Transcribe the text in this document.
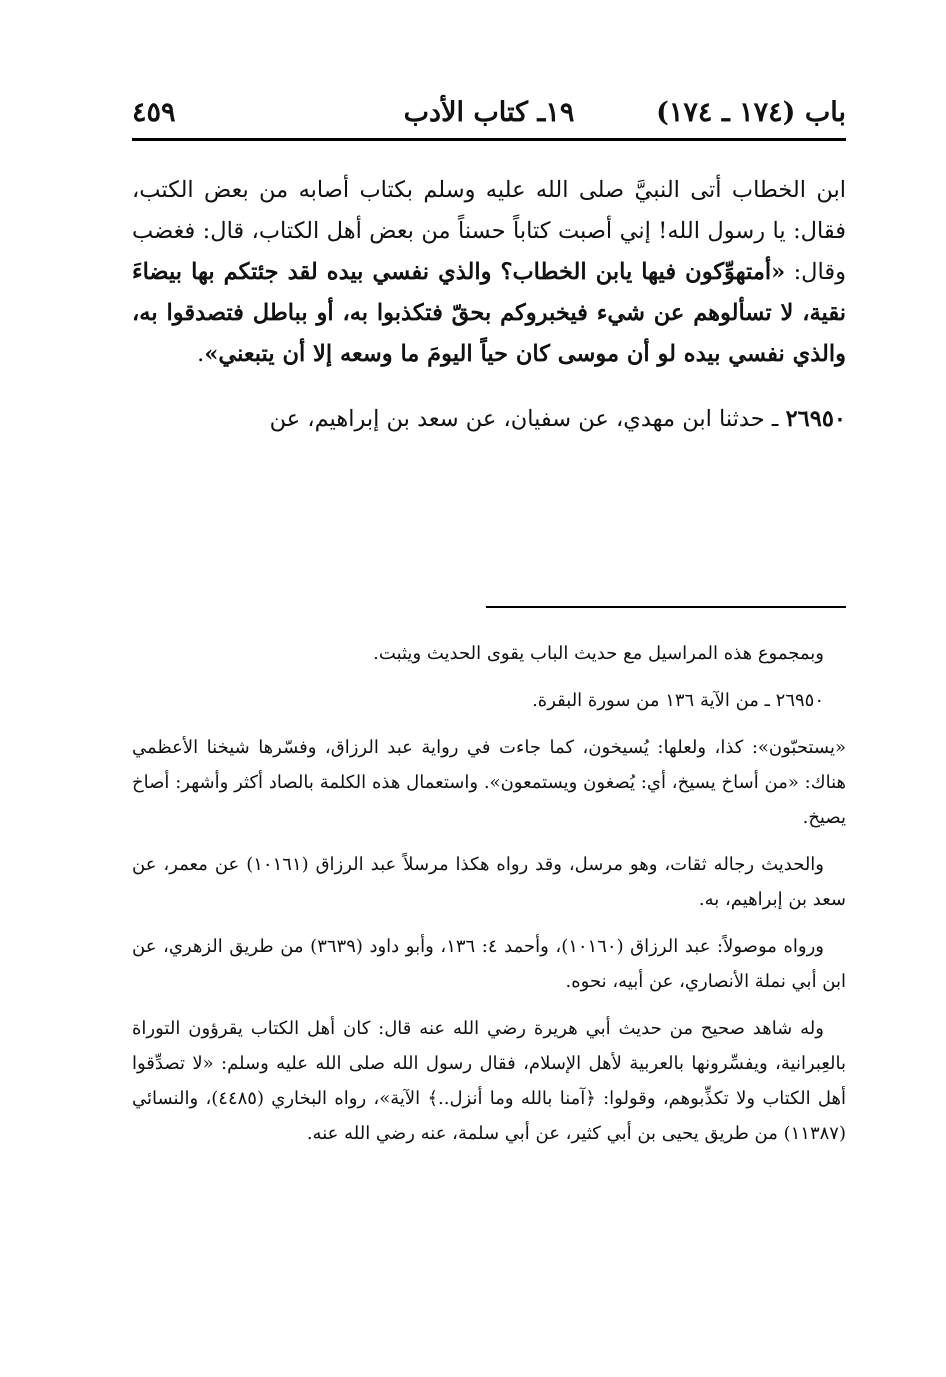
باب (١٧٤ ـ ١٧٤)
١٩ـ كتاب الأدب
٤٥٩

ابن الخطاب أتى النبيَّ صلى الله عليه وسلم بكتاب أصابه من بعض الكتب، فقال: يا رسول الله! إني أصبت كتاباً حسناً من بعض أهل الكتاب، قال: فغضب وقال: «أمتهوِّكون فيها يابن الخطاب؟ والذي نفسي بيده لقد جئتكم بها بيضاءَ نقية، لا تسألوهم عن شيء فيخبروكم بحقّ فتكذبوا به، أو بباطل فتصدقوا به، والذي نفسي بيده لو أن موسى كان حياً اليومَ ما وسعه إلا أن يتبعني».

٢٦٩٥٠ ـ حدثنا ابن مهدي، عن سفيان، عن سعد بن إبراهيم، عن

وبمجموع هذه المراسيل مع حديث الباب يقوى الحديث ويثبت.

٢٦٩٥٠ ـ من الآية ١٣٦ من سورة البقرة.

«يستحبّون»: كذا، ولعلها: يُسيخون، كما جاءت في رواية عبد الرزاق، وفسّرها شيخنا الأعظمي هناك: «من أساخ يسيخ، أي: يُصغون ويستمعون». واستعمال هذه الكلمة بالصاد أكثر وأشهر: أصاخ يصيخ.

والحديث رجاله ثقات، وهو مرسل، وقد رواه هكذا مرسلاً عبد الرزاق (١٠١٦١) عن معمر، عن سعد بن إبراهيم، به.

ورواه موصولاً: عبد الرزاق (١٠١٦٠)، وأحمد ٤: ١٣٦، وأبو داود (٣٦٣٩) من طريق الزهري، عن ابن أبي نملة الأنصاري، عن أبيه، نحوه.

وله شاهد صحيح من حديث أبي هريرة رضي الله عنه قال: كان أهل الكتاب يقرؤون التوراة بالعِبرانية، ويفسِّرونها بالعربية لأهل الإسلام، فقال رسول الله صلى الله عليه وسلم: «لا تصدِّقوا أهل الكتاب ولا تكذِّبوهم، وقولوا: ﴿آمنا بالله وما أنزل..﴾ الآية»، رواه البخاري (٤٤٨٥)، والنسائي (١١٣٨٧) من طريق يحيى بن أبي كثير، عن أبي سلمة، عنه رضي الله عنه.
